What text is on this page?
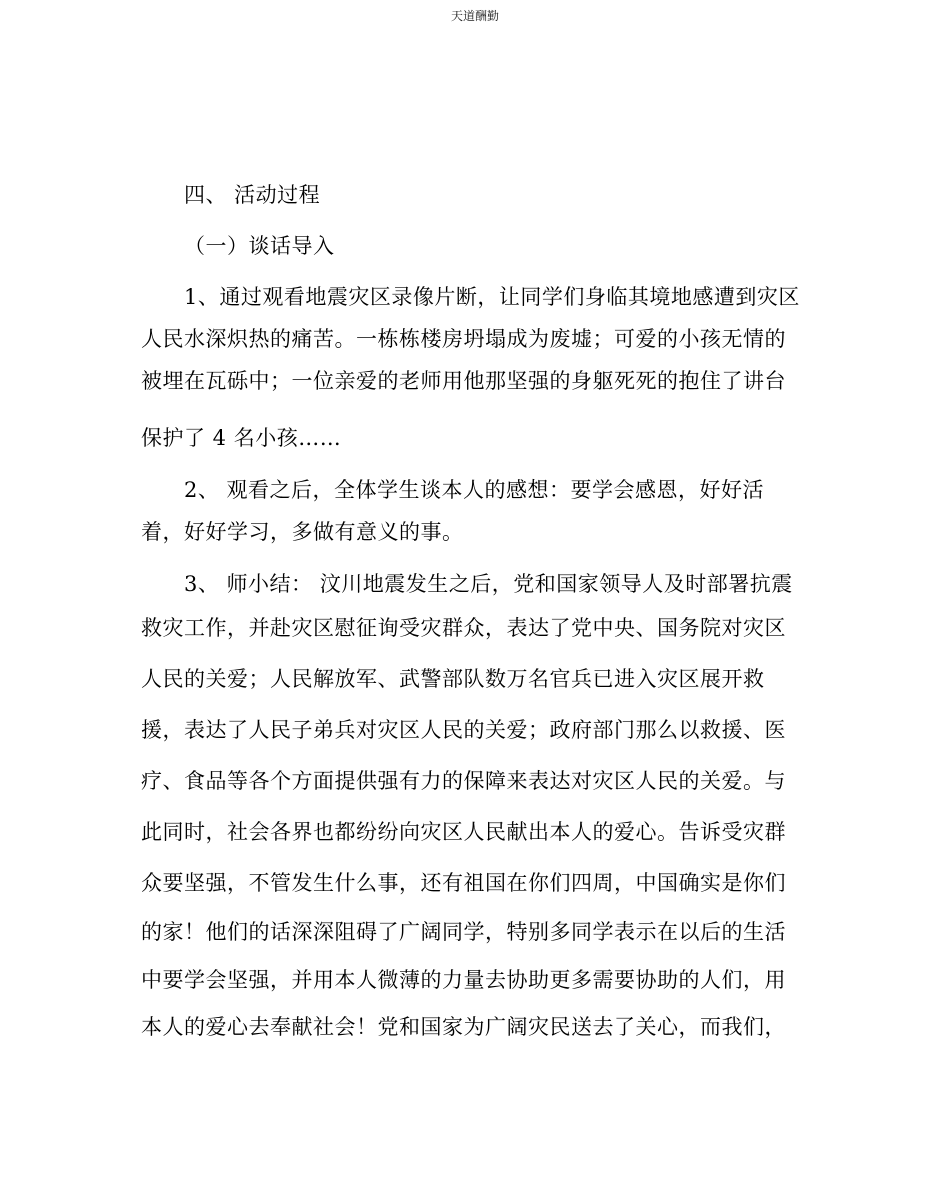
天道酬勤
四、 活动过程
（一）谈话导入
1、通过观看地震灾区录像片断，让同学们身临其境地感遭到灾区
人民水深炽热的痛苦。一栋栋楼房坍塌成为废墟；可爱的小孩无情的
被埋在瓦砾中；一位亲爱的老师用他那坚强的身躯死死的抱住了讲台
保护了 4 名小孩……
2、 观看之后，全体学生谈本人的感想：要学会感恩，好好活
着，好好学习，多做有意义的事。
3、 师小结： 汶川地震发生之后，党和国家领导人及时部署抗震
救灾工作，并赴灾区慰征询受灾群众，表达了党中央、国务院对灾区
人民的关爱；人民解放军、武警部队数万名官兵已进入灾区展开救
援，表达了人民子弟兵对灾区人民的关爱；政府部门那么以救援、医
疗、食品等各个方面提供强有力的保障来表达对灾区人民的关爱。与
此同时，社会各界也都纷纷向灾区人民献出本人的爱心。告诉受灾群
众要坚强，不管发生什么事，还有祖国在你们四周，中国确实是你们
的家！他们的话深深阻碍了广阔同学，特别多同学表示在以后的生活
中要学会坚强，并用本人微薄的力量去协助更多需要协助的人们，用
本人的爱心去奉献社会！党和国家为广阔灾民送去了关心，而我们，
